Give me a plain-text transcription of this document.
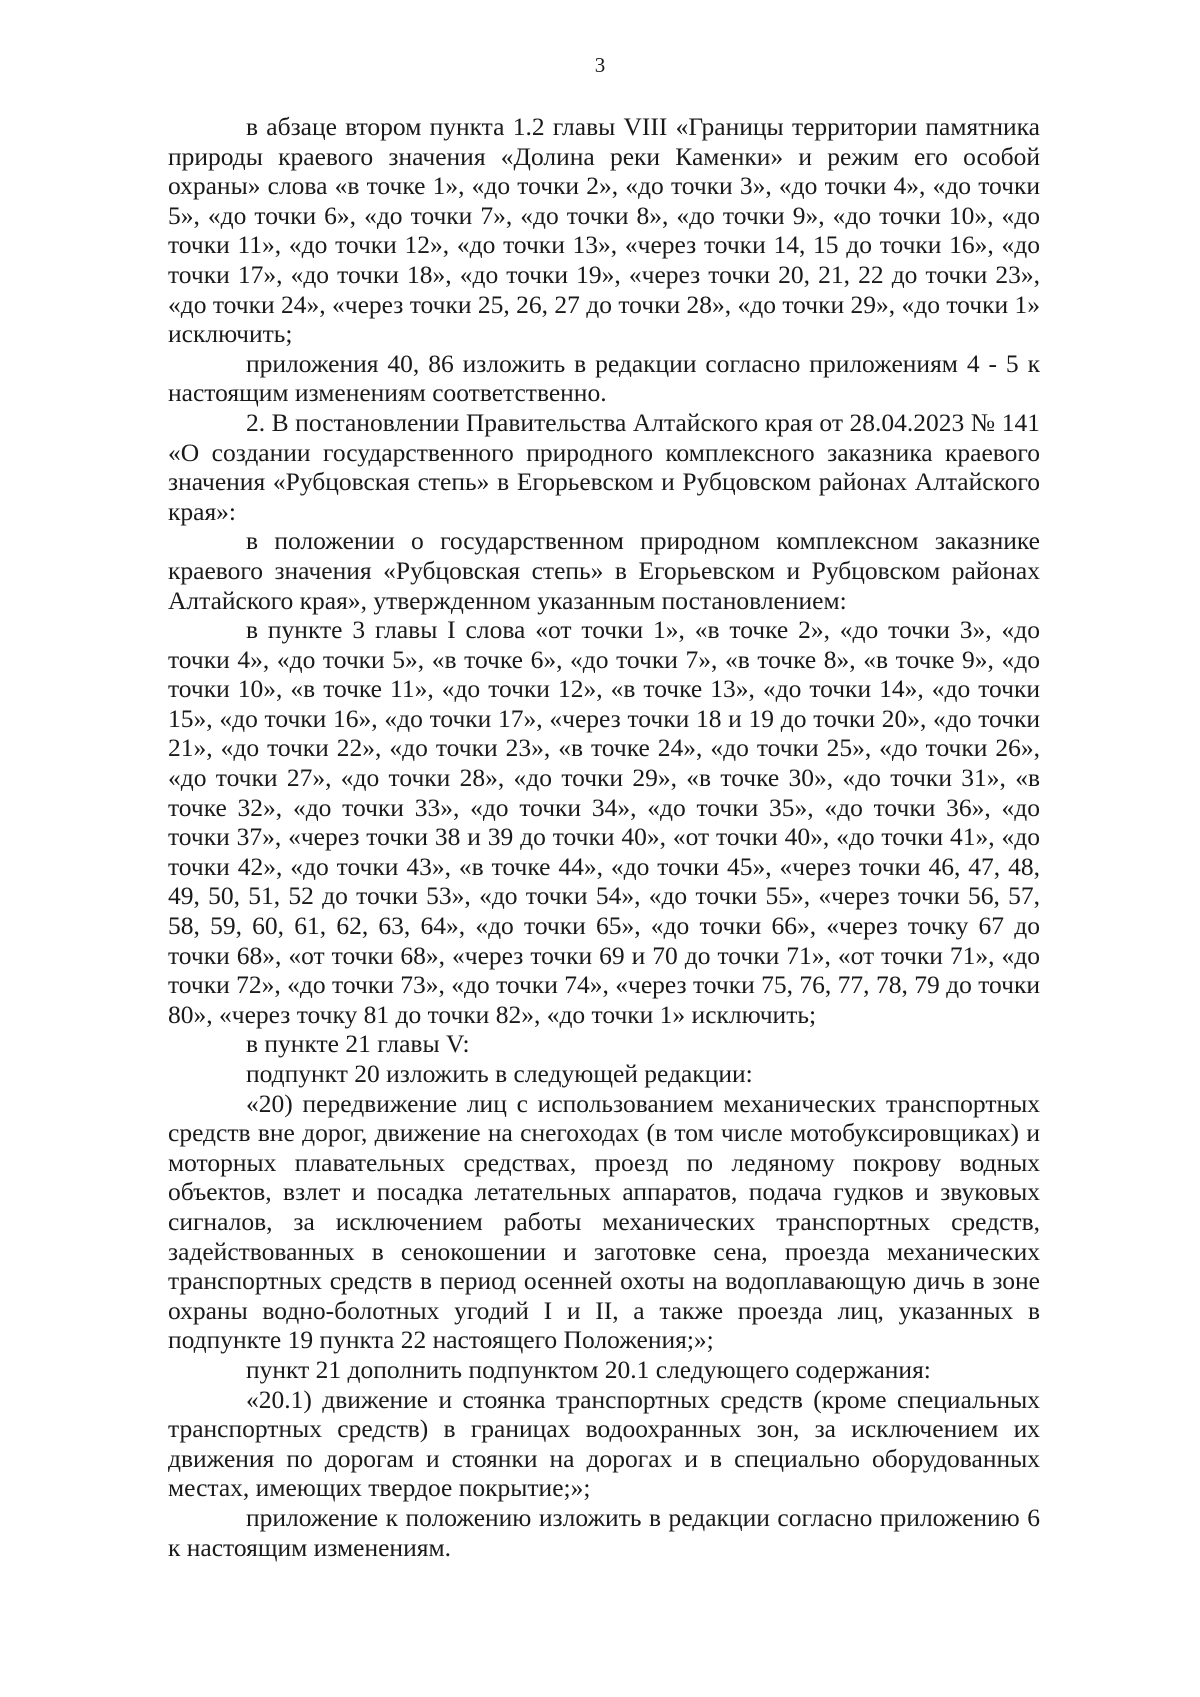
3

в абзаце втором пункта 1.2 главы VIII «Границы территории памятника природы краевого значения «Долина реки Каменки» и режим его особой охраны» слова «в точке 1», «до точки 2», «до точки 3», «до точки 4», «до точки 5», «до точки 6», «до точки 7», «до точки 8», «до точки 9», «до точки 10», «до точки 11», «до точки 12», «до точки 13», «через точки 14, 15 до точки 16», «до точки 17», «до точки 18», «до точки 19», «через точки 20, 21, 22 до точки 23», «до точки 24», «через точки 25, 26, 27 до точки 28», «до точки 29», «до точки 1» исключить;

приложения 40, 86 изложить в редакции согласно приложениям 4 - 5 к настоящим изменениям соответственно.

2. В постановлении Правительства Алтайского края от 28.04.2023 № 141 «О создании государственного природного комплексного заказника краевого значения «Рубцовская степь» в Егорьевском и Рубцовском районах Алтайского края»:

в положении о государственном природном комплексном заказнике краевого значения «Рубцовская степь» в Егорьевском и Рубцовском районах Алтайского края», утвержденном указанным постановлением:

в пункте 3 главы I слова «от точки 1», «в точке 2», «до точки 3», «до точки 4», «до точки 5», «в точке 6», «до точки 7», «в точке 8», «в точке 9», «до точки 10», «в точке 11», «до точки 12», «в точке 13», «до точки 14», «до точки 15», «до точки 16», «до точки 17», «через точки 18 и 19 до точки 20», «до точки 21», «до точки 22», «до точки 23», «в точке 24», «до точки 25», «до точки 26», «до точки 27», «до точки 28», «до точки 29», «в точке 30», «до точки 31», «в точке 32», «до точки 33», «до точки 34», «до точки 35», «до точки 36», «до точки 37», «через точки 38 и 39 до точки 40», «от точки 40», «до точки 41», «до точки 42», «до точки 43», «в точке 44», «до точки 45», «через точки 46, 47, 48, 49, 50, 51, 52 до точки 53», «до точки 54», «до точки 55», «через точки 56, 57, 58, 59, 60, 61, 62, 63, 64», «до точки 65», «до точки 66», «через точку 67 до точки 68», «от точки 68», «через точки 69 и 70 до точки 71», «от точки 71», «до точки 72», «до точки 73», «до точки 74», «через точки 75, 76, 77, 78, 79 до точки 80», «через точку 81 до точки 82», «до точки 1» исключить;

в пункте 21 главы V:

подпункт 20 изложить в следующей редакции:

«20) передвижение лиц с использованием механических транспортных средств вне дорог, движение на снегоходах (в том числе мотобуксировщиках) и моторных плавательных средствах, проезд по ледяному покрову водных объектов, взлет и посадка летательных аппаратов, подача гудков и звуковых сигналов, за исключением работы механических транспортных средств, задействованных в сенокошении и заготовке сена, проезда механических транспортных средств в период осенней охоты на водоплавающую дичь в зоне охраны водно-болотных угодий I и II, а также проезда лиц, указанных в подпункте 19 пункта 22 настоящего Положения;»;

пункт 21 дополнить подпунктом 20.1 следующего содержания:

«20.1) движение и стоянка транспортных средств (кроме специальных транспортных средств) в границах водоохранных зон, за исключением их движения по дорогам и стоянки на дорогах и в специально оборудованных местах, имеющих твердое покрытие;»;

приложение к положению изложить в редакции согласно приложению 6 к настоящим изменениям.
